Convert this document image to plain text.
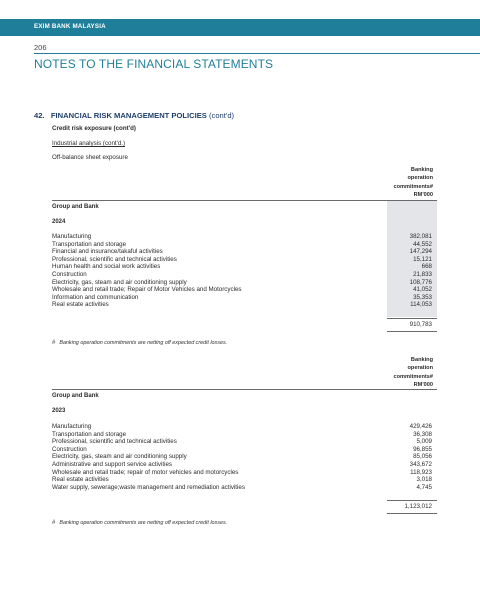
EXIM BANK MALAYSIA
206
NOTES TO THE FINANCIAL STATEMENTS
42. FINANCIAL RISK MANAGEMENT POLICIES (cont'd)
Credit risk exposure (cont'd)
Industrial analysis (cont'd.)
Off-balance sheet exposure
Banking
operation
commitments#
RM'000
Group and Bank
2024
Manufacturing	382,081
Transportation and storage	44,552
Financial and insurance/takaful activities	147,294
Professional, scientific and technical activities	15,121
Human health and social work activities	668
Construction	21,833
Electricity, gas, steam and air conditioning supply	108,776
Wholesale and retail trade; Repair of Motor Vehicles and Motorcycles	41,052
Information and communication	35,353
Real estate activities	114,053
910,783
# Banking operation commitments are netting off expected credit losses.
Banking
operation
commitments#
RM'000
Group and Bank
2023
Manufacturing	429,426
Transportation and storage	36,308
Professional, scientific and technical activities	5,009
Construction	96,855
Electricity, gas, steam and air conditioning supply	85,056
Administrative and support service activities	343,672
Wholesale and retail trade; repair of motor vehicles and motorcycles	118,923
Real estate activities	3,018
Water supply, sewerage;waste management and remediation activities	4,745
1,123,012
# Banking operation commitments are netting off expected credit losses.
